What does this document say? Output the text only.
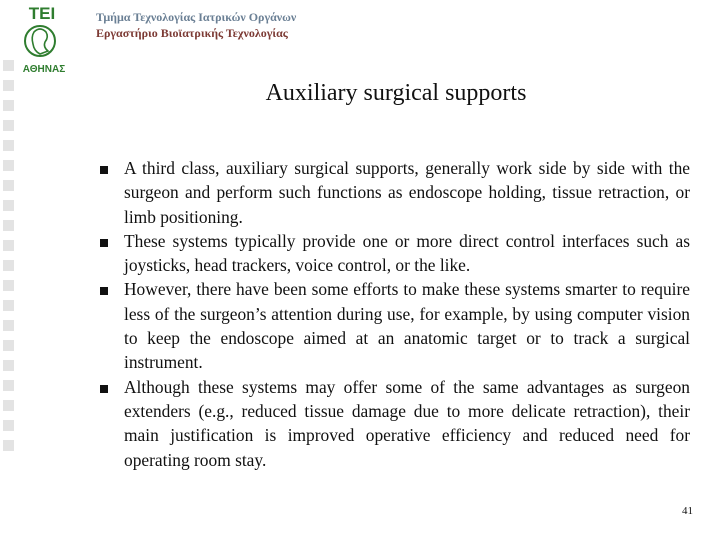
ΤΕΙ
ΑΘΗΝΑΣ
Τμήμα Τεχνολογίας Ιατρικών Οργάνων
Εργαστήριο Βιοϊατρικής Τεχνολογίας
Auxiliary surgical supports
A third class, auxiliary surgical supports, generally work side by side with the surgeon and perform such functions as endoscope holding, tissue retraction, or limb positioning.
These systems typically provide one or more direct control interfaces such as joysticks, head trackers, voice control, or the like.
However, there have been some efforts to make these systems smarter to require less of the surgeon’s attention during use, for example, by using computer vision to keep the endoscope aimed at an anatomic target or to track a surgical instrument.
Although these systems may offer some of the same advantages as surgeon extenders (e.g., reduced tissue damage due to more delicate retraction), their main justification is improved operative efficiency and reduced need for operating room stay.
41
